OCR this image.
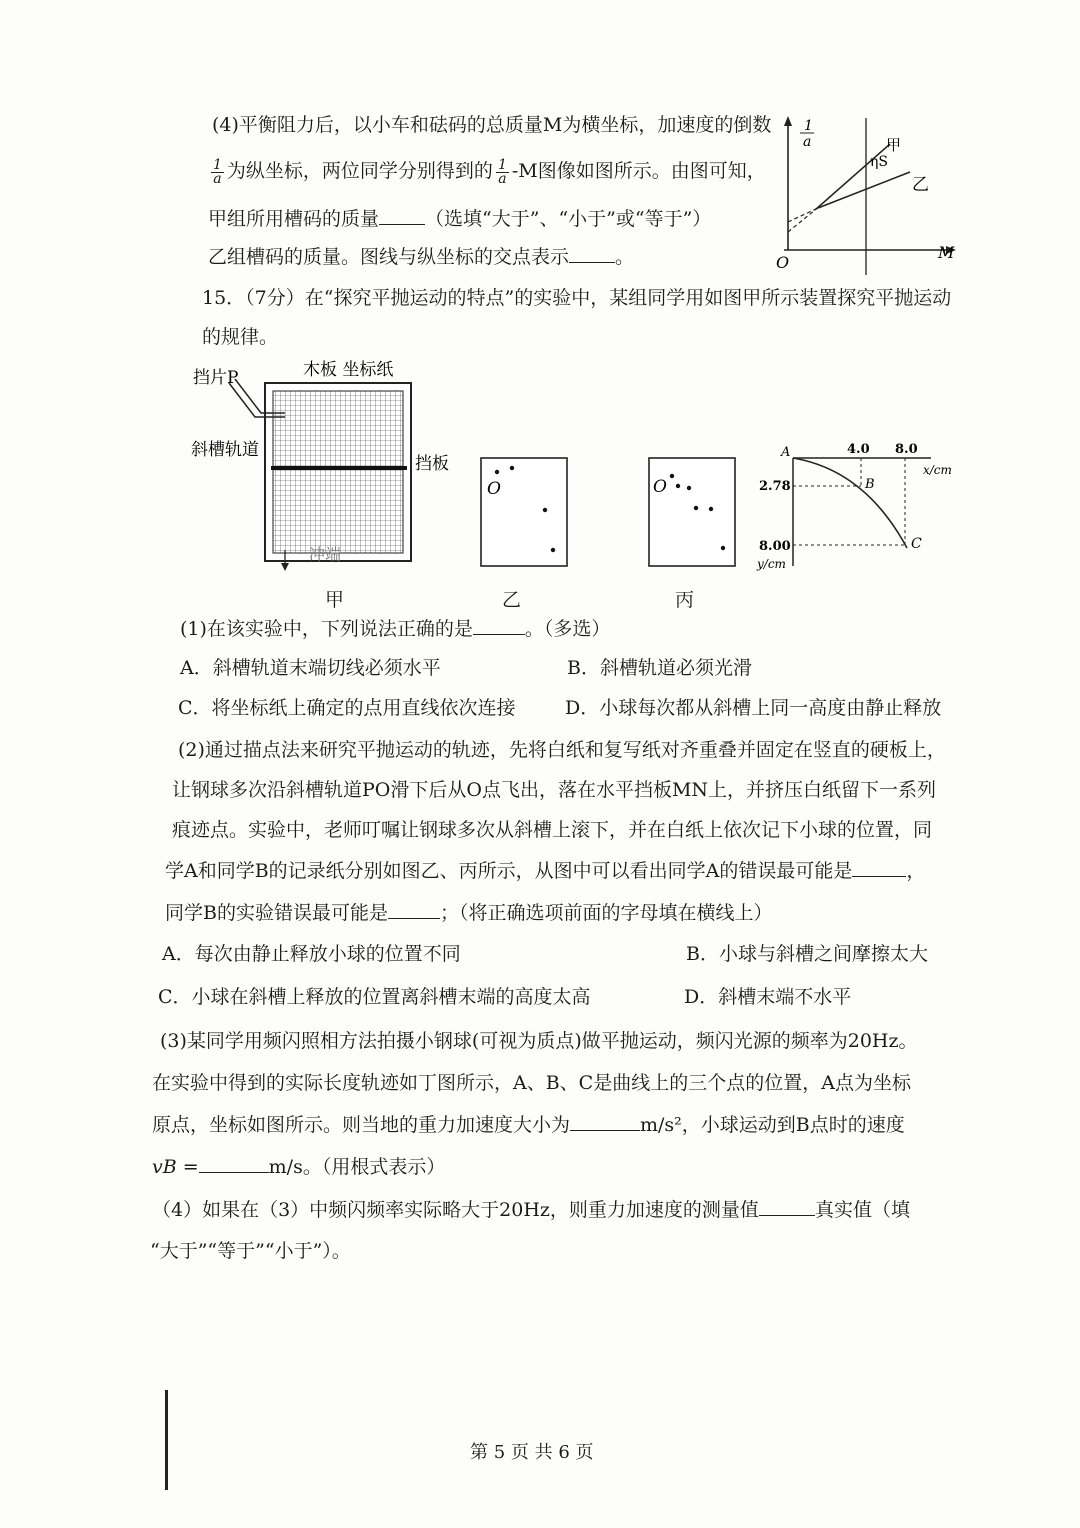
(4)平衡阻力后，以小车和砝码的总质量M为横坐标，加速度的倒数
$\frac{1}{a}$ 为纵坐标，两位同学分别得到的 $\frac{1}{a} -M$图像如图所示。由图可知，
甲组所用槽码的质量 （选填“大于”、“小于”或“等于”）
乙组槽码的质量。图线与纵坐标的交点表示 。
1
a
M
O
甲
ηS
乙
15．（7分）在“探究平抛运动的特点”的实验中，某组同学用如图甲所示装置探究平抛运动
的规律。
木板 坐标纸
挡片P
斜槽轨道
挡板
冲端
甲
O
乙
O
丙
A
B
C
4.0 8.0
x/cm
2.78
8.00
y/cm
(1)在该实验中，下列说法正确的是	。（多选）
A．斜槽轨道末端切线必须水平	B．斜槽轨道必须光滑
C．将坐标纸上确定的点用直线依次连接	D．小球每次都从斜槽上同一高度由静止释放
(2)通过描点法来研究平抛运动的轨迹，先将白纸和复写纸对齐重叠并固定在竖直的硬板上，
让钢球多次沿斜槽轨道PO滑下后从O点飞出，落在水平挡板MN上，并挤压白纸留下一系列
痕迹点。实验中，老师叮嘱让钢球多次从斜槽上滚下，并在白纸上依次记下小球的位置，同
学A和同学B的记录纸分别如图乙、丙所示，从图中可以看出同学A的错误最可能是	，
同学B的实验错误最可能是	；（将正确选项前面的字母填在横线上）
A．每次由静止释放小球的位置不同	B．小球与斜槽之间摩擦太大
C．小球在斜槽上释放的位置离斜槽末端的高度太高	D．斜槽末端不水平
(3)某同学用频闪照相方法拍摄小钢球(可视为质点)做平抛运动，频闪光源的频率为20Hz。
在实验中得到的实际长度轨迹如丁图所示，A、B、C是曲线上的三个点的位置，A点为坐标
原点，坐标如图所示。则当地的重力加速度大小为	m/s²，小球运动到B点时的速度
vB =	m/s。（用根式表示）
（4）如果在（3）中频闪频率实际略大于20Hz，则重力加速度的测量值	真实值（填
“大于”“等于”“小于”）。
第 5 页 共 6 页
